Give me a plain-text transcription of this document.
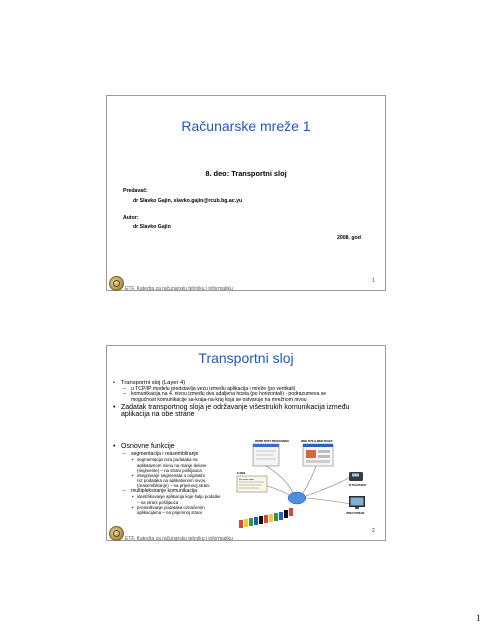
Računarske mreže 1
8. deo: Transportni sloj
Predavač:
dr Slavko Gajin, slavko.gajin@rcub.bg.ac.yu
Autor:
dr Slavko Gajin
2008. god
ETF, Katedra za računarsku tehniku i informatiku
1
Transportni sloj
• Transportni sloj (Layer 4)
– u TCP/IP modelu predstavlja vezu između aplikacija i mreže (po vertikali)
– komunikacija na 4. nivou između dva udaljena hosta (po horizontali) - podrazumeva se
mogućnost komunikacije sa-kraja-na-kraj koja se ostvaruje na mrežnom nivou
• Zadatak transportnog sloja je održavanje višestrukih komunikacija između
aplikacija na obe strane
• Osnovne funkcije
– segmentacija i reasembliranje
• segmentacija niza podataka na
aplikativnom nivou na manje delove
(segmente) – na strani pošiljaoca
• integrisanje segmenata u originalni
niz podataka na aplikativnom nivou
(reasembliranje) – na prijemnoj strani
– multipleksiranje komunikacija
• identifikovanje aplikacija koje šalju podatke
– na strani pošiljaoca
• prosleđivanje podataka označenim
aplikacijama – na prijemnoj strani
WORD POST PROCESSING
E-MAIL
Sve poruke stigle...
WEB SITE & WEB PAGES
IP TELEPHONY
VIDEO STREAM
ETF, Katedra za računarsku tehniku i informatiku
2
1
